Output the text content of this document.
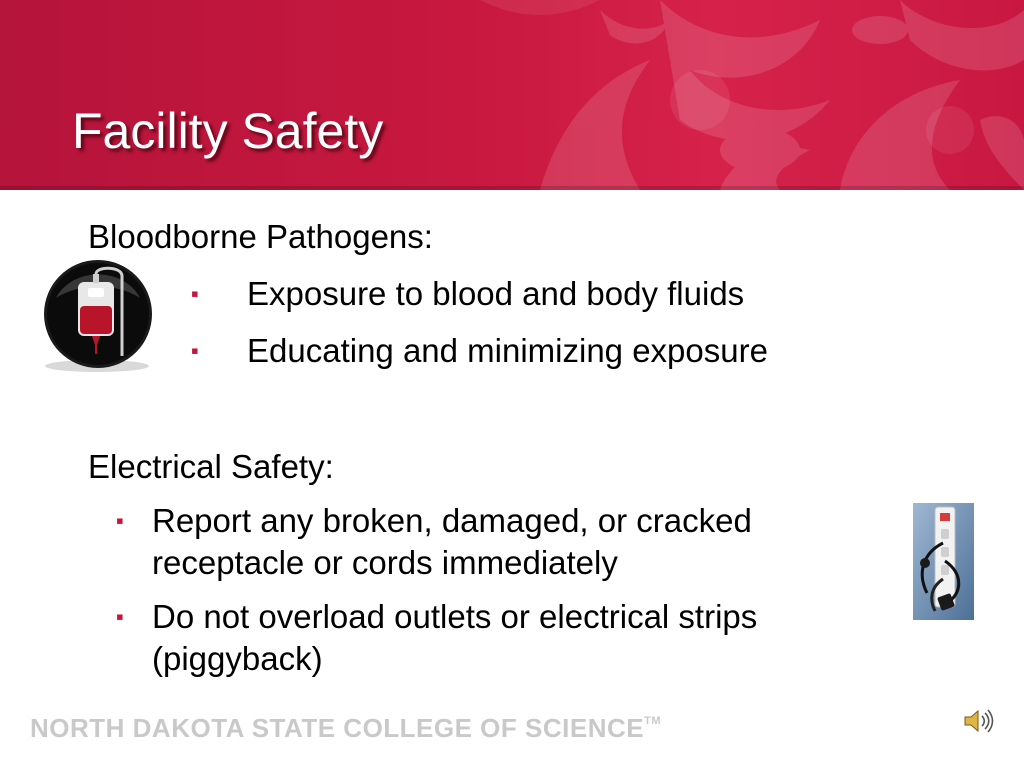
Facility Safety
Bloodborne Pathogens:
▪ Exposure to blood and body fluids
▪ Educating and minimizing exposure
Electrical Safety:
▪ Report any broken, damaged, or cracked receptacle or cords immediately
▪ Do not overload outlets or electrical strips (piggyback)
NORTH DAKOTA STATE COLLEGE OF SCIENCE™
